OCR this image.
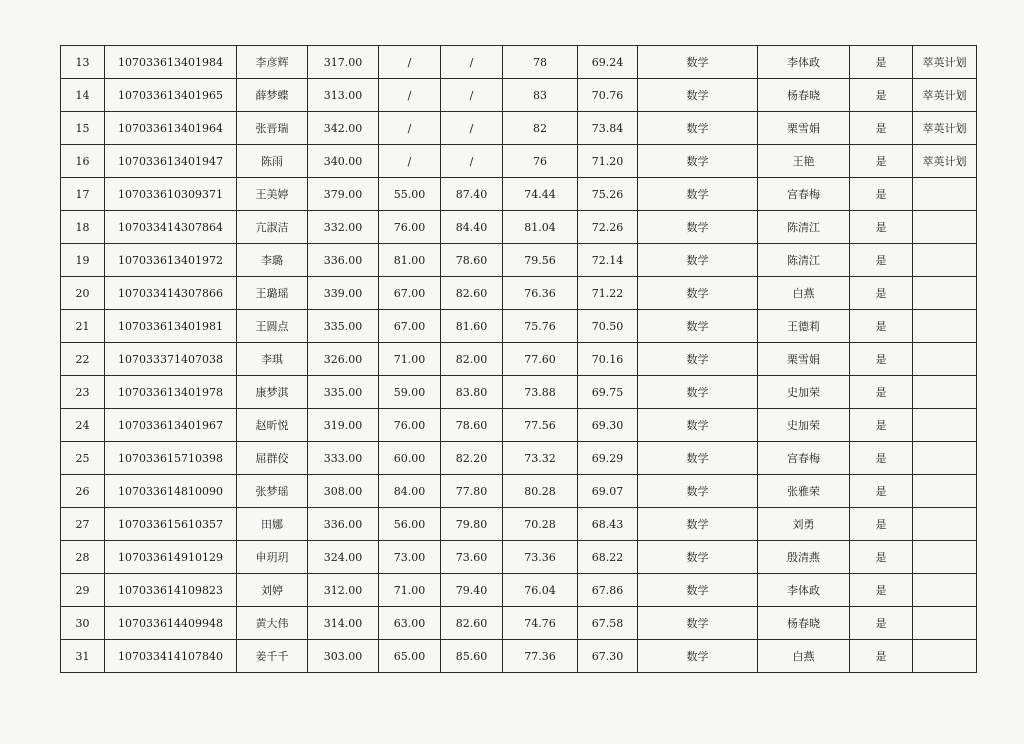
13	107033613401984	李彦辉	317.00	/	/	78	69.24	数学	李体政	是	萃英计划
14	107033613401965	薛梦蝶	313.00	/	/	83	70.76	数学	杨春晓	是	萃英计划
15	107033613401964	张晋瑞	342.00	/	/	82	73.84	数学	栗雪娟	是	萃英计划
16	107033613401947	陈雨	340.00	/	/	76	71.20	数学	王艳	是	萃英计划
17	107033610309371	王美婷	379.00	55.00	87.40	74.44	75.26	数学	宫春梅	是	
18	107033414307864	亢淑洁	332.00	76.00	84.40	81.04	72.26	数学	陈清江	是	
19	107033613401972	李璐	336.00	81.00	78.60	79.56	72.14	数学	陈清江	是	
20	107033414307866	王璐瑶	339.00	67.00	82.60	76.36	71.22	数学	白燕	是	
21	107033613401981	王圆点	335.00	67.00	81.60	75.76	70.50	数学	王德莉	是	
22	107033371407038	李琪	326.00	71.00	82.00	77.60	70.16	数学	栗雪娟	是	
23	107033613401978	康梦淇	335.00	59.00	83.80	73.88	69.75	数学	史加荣	是	
24	107033613401967	赵昕悦	319.00	76.00	78.60	77.56	69.30	数学	史加荣	是	
25	107033615710398	屈群佼	333.00	60.00	82.20	73.32	69.29	数学	宫春梅	是	
26	107033614810090	张梦瑶	308.00	84.00	77.80	80.28	69.07	数学	张雅荣	是	
27	107033615610357	田娜	336.00	56.00	79.80	70.28	68.43	数学	刘勇	是	
28	107033614910129	申玥玥	324.00	73.00	73.60	73.36	68.22	数学	殷清燕	是	
29	107033614109823	刘婷	312.00	71.00	79.40	76.04	67.86	数学	李体政	是	
30	107033614409948	黄大伟	314.00	63.00	82.60	74.76	67.58	数学	杨春晓	是	
31	107033414107840	姜千千	303.00	65.00	85.60	77.36	67.30	数学	白燕	是	
